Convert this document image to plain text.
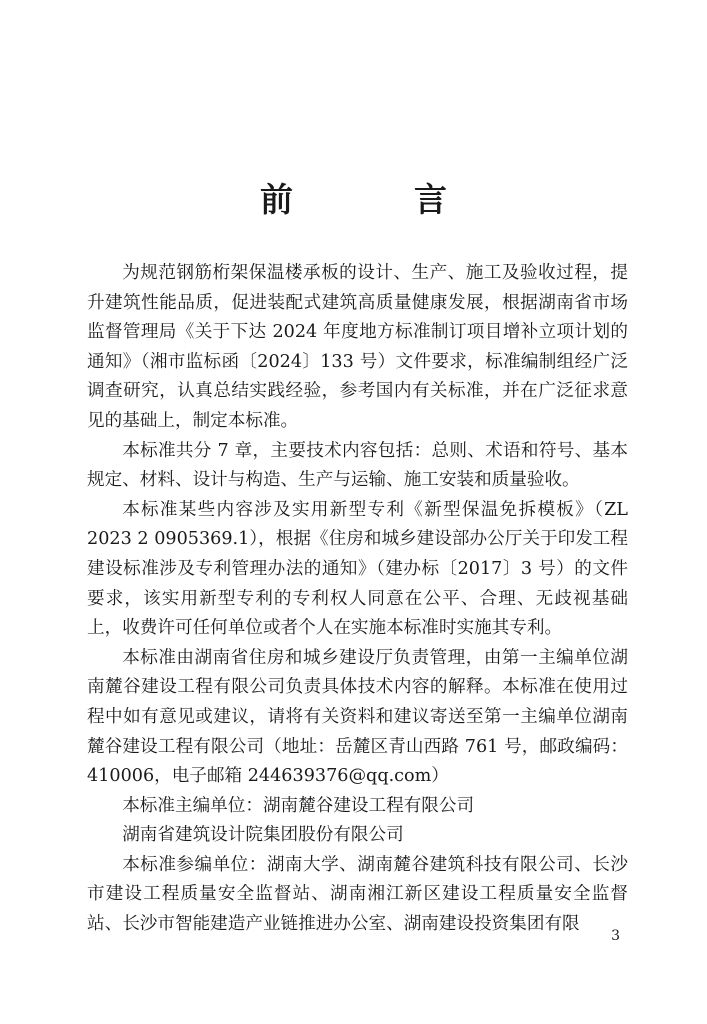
前　言

为规范钢筋桁架保温楼承板的设计、生产、施工及验收过程，提升建筑性能品质，促进装配式建筑高质量健康发展，根据湖南省市场监督管理局《关于下达 2024 年度地方标准制订项目增补立项计划的通知》（湘市监标函〔2024〕133 号）文件要求，标准编制组经广泛调查研究，认真总结实践经验，参考国内有关标准，并在广泛征求意见的基础上，制定本标准。

本标准共分 7 章，主要技术内容包括：总则、术语和符号、基本规定、材料、设计与构造、生产与运输、施工安装和质量验收。

本标准某些内容涉及实用新型专利《新型保温免拆模板》（ZL 2023 2 0905369.1），根据《住房和城乡建设部办公厅关于印发工程建设标准涉及专利管理办法的通知》（建办标〔2017〕3 号）的文件要求，该实用新型专利的专利权人同意在公平、合理、无歧视基础上，收费许可任何单位或者个人在实施本标准时实施其专利。

本标准由湖南省住房和城乡建设厅负责管理，由第一主编单位湖南麓谷建设工程有限公司负责具体技术内容的解释。本标准在使用过程中如有意见或建议，请将有关资料和建议寄送至第一主编单位湖南麓谷建设工程有限公司（地址：岳麓区青山西路 761 号，邮政编码：410006，电子邮箱 244639376@qq.com）

本标准主编单位：湖南麓谷建设工程有限公司

湖南省建筑设计院集团股份有限公司

本标准参编单位：湖南大学、湖南麓谷建筑科技有限公司、长沙市建设工程质量安全监督站、湖南湘江新区建设工程质量安全监督站、长沙市智能建造产业链推进办公室、湖南建设投资集团有限

3
